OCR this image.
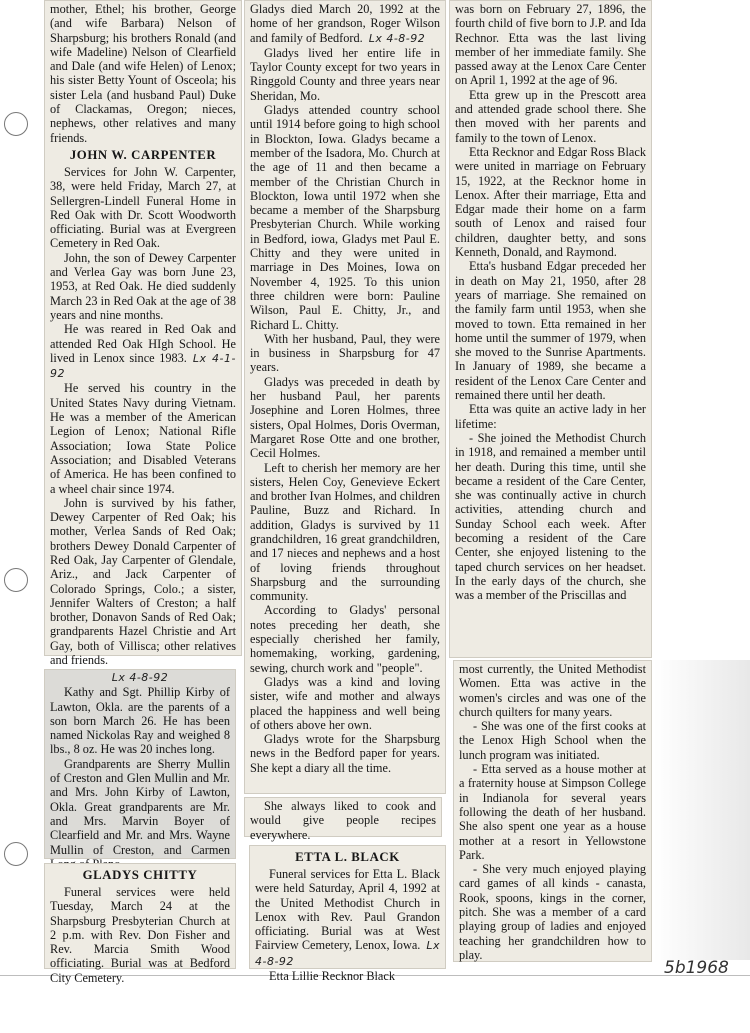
mother, Ethel; his brother, George (and wife Barbara) Nelson of Sharpsburg; his brothers Ronald (and wife Madeline) Nelson of Clearfield and Dale (and wife Helen) of Lenox; his sister Betty Yount of Osceola; his sister Lela (and husband Paul) Duke of Clackamas, Oregon; nieces, nephews, other relatives and many friends.

JOHN W. CARPENTER

Services for John W. Carpenter, 38, were held Friday, March 27, at Sellergren-Lindell Funeral Home in Red Oak with Dr. Scott Woodworth officiating. Burial was at Evergreen Cemetery in Red Oak.

John, the son of Dewey Carpenter and Verlea Gay was born June 23, 1953, at Red Oak. He died suddenly March 23 in Red Oak at the age of 38 years and nine months.

He was reared in Red Oak and attended Red Oak HIgh School. He lived in Lenox since 1983. Lx 4-1-92

He served his country in the United States Navy during Vietnam. He was a member of the American Legion of Lenox; National Rifle Association; Iowa State Police Association; and Disabled Veterans of America. He has been confined to a wheel chair since 1974.

John is survived by his father, Dewey Carpenter of Red Oak; his mother, Verlea Sands of Red Oak; brothers Dewey Donald Carpenter of Red Oak, Jay Carpenter of Glendale, Ariz., and Jack Carpenter of Colorado Springs, Colo.; a sister, Jennifer Walters of Creston; a half brother, Donavon Sands of Red Oak; grandparents Hazel Christie and Art Gay, both of Villisca; other relatives and friends.

Lx 4-8-92

Kathy and Sgt. Phillip Kirby of Lawton, Okla. are the parents of a son born March 26. He has been named Nickolas Ray and weighed 8 lbs., 8 oz. He was 20 inches long.

Grandparents are Sherry Mullin of Creston and Glen Mullin and Mr. and Mrs. John Kirby of Lawton, Okla. Great grandparents are Mr. and Mrs. Marvin Boyer of Clearfield and Mr. and Mrs. Wayne Mullin of Creston, and Carmen

GLADYS CHITTY

Funeral services were held Tuesday, March 24 at the Sharpsburg Presbyterian Church at 2 p.m. with Rev. Don Fisher and Rev. Marcia Smith Wood officiating. Burial was at Bedford City Cemetery.

Gladys died March 20, 1992 at the home of her grandson, Roger Wilson and family of Bedford. Lx 4-8-92

Gladys lived her entire life in Taylor County except for two years in Ringgold County and three years near Sheridan, Mo.

Gladys attended country school until 1914 before going to high school in Blockton, Iowa. Gladys became a member of the Isadora, Mo. Church at the age of 11 and then became a member of the Christian Church in Blockton, Iowa until 1972 when she became a member of the Sharpsburg Presbyterian Church. While working in Bedford, iowa, Gladys met Paul E. Chitty and they were united in marriage in Des Moines, Iowa on November 4, 1925. To this union three children were born: Pauline Wilson, Paul E. Chitty, Jr., and Richard L. Chitty.

With her husband, Paul, they were in business in Sharpsburg for 47 years.

Gladys was preceded in death by her husband Paul, her parents Josephine and Loren Holmes, three sisters, Opal Holmes, Doris Overman, Margaret Rose Otte and one brother, Cecil Holmes.

Left to cherish her memory are her sisters, Helen Coy, Genevieve Eckert and brother Ivan Holmes, and children Pauline, Buzz and Richard. In addition, Gladys is survived by 11 grandchildren, 16 great grandchildren, and 17 nieces and nephews and a host of loving friends throughout Sharpsburg and the surrounding community.

According to Gladys' personal notes preceding her death, she especially cherished her family, homemaking, working, gardening, sewing, church work and "people".

Gladys was a kind and loving sister, wife and mother and always placed the happiness and well being of others above her own.

Gladys wrote for the Sharpsburg news in the Bedford paper for years. She kept a diary all the time.

She always liked to cook and would give people recipes everywhere.

ETTA L. BLACK

Funeral services for Etta L. Black were held Saturday, April 4, 1992 at the United Methodist Church in Lenox with Rev. Paul Grandon officiating. Burial was at West Fairview Cemetery, Lenox, Iowa. Lx 4-8-92

Etta Lillie Recknor Black

was born on February 27, 1896, the fourth child of five born to J.P. and Ida Rechnor. Etta was the last living member of her immediate family. She passed away at the Lenox Care Center on April 1, 1992 at the age of 96.

Etta grew up in the Prescott area and attended grade school there. She then moved with her parents and family to the town of Lenox.

Etta Recknor and Edgar Ross Black were united in marriage on February 15, 1922, at the Recknor home in Lenox. After their marriage, Etta and Edgar made their home on a farm south of Lenox and raised four children, daughter betty, and sons Kenneth, Donald, and Raymond.

Etta's husband Edgar preceded her in death on May 21, 1950, after 28 years of marriage. She remained on the family farm until 1953, when she moved to town. Etta remained in her home until the summer of 1979, when she moved to the Sunrise Apartments. In January of 1989, she became a resident of the Lenox Care Center and remained there until her death.

Etta was quite an active lady in her lifetime:

- She joined the Methodist Church in 1918, and remained a member until her death. During this time, until she became a resident of the Care Center, she was continually active in church activities, attending church and Sunday School each week. After becoming a resident of the Care Center, she enjoyed listening to the taped church services on her headset. In the early days of the church, she was a member of the Priscillas and

most currently, the United Methodist Women. Etta was active in the women's circles and was one of the church quilters for many years.

- She was one of the first cooks at the Lenox High School when the lunch program was initiated.

- Etta served as a house mother at a fraternity house at Simpson College in Indianola for several years following the death of her husband. She also spent one year as a house mother at a resort in Yellowstone Park.

- She very much enjoyed playing card games of all kinds - canasta, Rook, spoons, kings in the corner, pitch. She was a member of a card playing group of ladies and enjoyed teaching her grandchildren how to play.

5b1968
